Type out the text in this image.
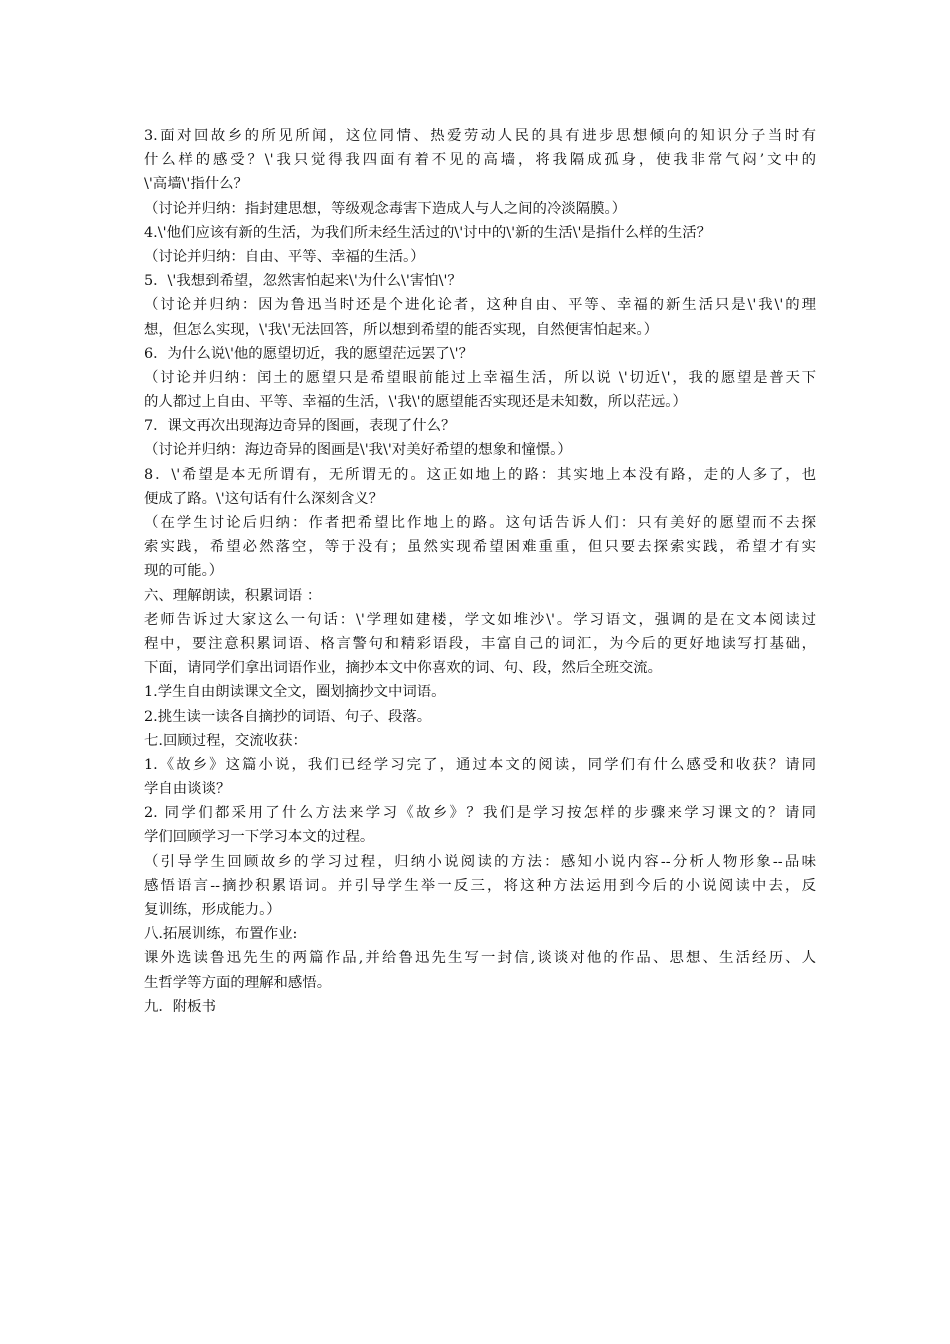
3.面对回故乡的所见所闻，这位同情、热爱劳动人民的具有进步思想倾向的知识分子当时有
什么样的感受？\'我只觉得我四面有着不见的高墙，将我隔成孤身，使我非常气闷’文中的
\'高墙\'指什么？
（讨论并归纳：指封建思想，等级观念毒害下造成人与人之间的冷淡隔膜。）
4.\'他们应该有新的生活，为我们所未经生活过的\'讨中的\'新的生活\'是指什么样的生活？
（讨论并归纳：自由、平等、幸福的生活。）
5．\'我想到希望，忽然害怕起来\'为什么\'害怕\'？
（讨论并归纳：因为鲁迅当时还是个进化论者，这种自由、平等、幸福的新生活只是\'我\'的理
想，但怎么实现，\'我\'无法回答，所以想到希望的能否实现，自然便害怕起来。）
6．为什么说\'他的愿望切近，我的愿望茫远罢了\'？
（讨论并归纳：闰土的愿望只是希望眼前能过上幸福生活，所以说 \'切近\'，我的愿望是普天下
的人都过上自由、平等、幸福的生活，\'我\'的愿望能否实现还是未知数，所以茫远。）
7．课文再次出现海边奇异的图画，表现了什么？
（讨论并归纳：海边奇异的图画是\'我\'对美好希望的想象和憧憬。）
8．\'希望是本无所谓有，无所谓无的。这正如地上的路：其实地上本没有路，走的人多了，也
便成了路。\'这句话有什么深刻含义？
（在学生讨论后归纳：作者把希望比作地上的路。这句话告诉人们：只有美好的愿望而不去探
索实践，希望必然落空，等于没有；虽然实现希望困难重重，但只要去探索实践，希望才有实
现的可能。）
六、理解朗读，积累词语 ：
老师告诉过大家这么一句话：\'学理如建楼，学文如堆沙\'。学习语文，强调的是在文本阅读过
程中，要注意积累词语、格言警句和精彩语段，丰富自己的词汇，为今后的更好地读写打基础，
下面，请同学们拿出词语作业，摘抄本文中你喜欢的词、句、段，然后全班交流。
1.学生自由朗读课文全文，圈划摘抄文中词语。
2.挑生读一读各自摘抄的词语、句子、段落。
七.回顾过程，交流收获：
1.《故乡》这篇小说，我们已经学习完了，通过本文的阅读，同学们有什么感受和收获？请同
学自由谈谈？
2. 同学们都采用了什么方法来学习《故乡》？我们是学习按怎样的步骤来学习课文的？请同
学们回顾学习一下学习本文的过程。
（引导学生回顾故乡的学习过程，归纳小说阅读的方法：感知小说内容--分析人物形象--品味
感悟语言--摘抄积累语词。并引导学生举一反三，将这种方法运用到今后的小说阅读中去，反
复训练，形成能力。）
八.拓展训练，布置作业:
课外选读鲁迅先生的两篇作品,并给鲁迅先生写一封信,谈谈对他的作品、思想、生活经历、人
生哲学等方面的理解和感悟。
九．附板书
